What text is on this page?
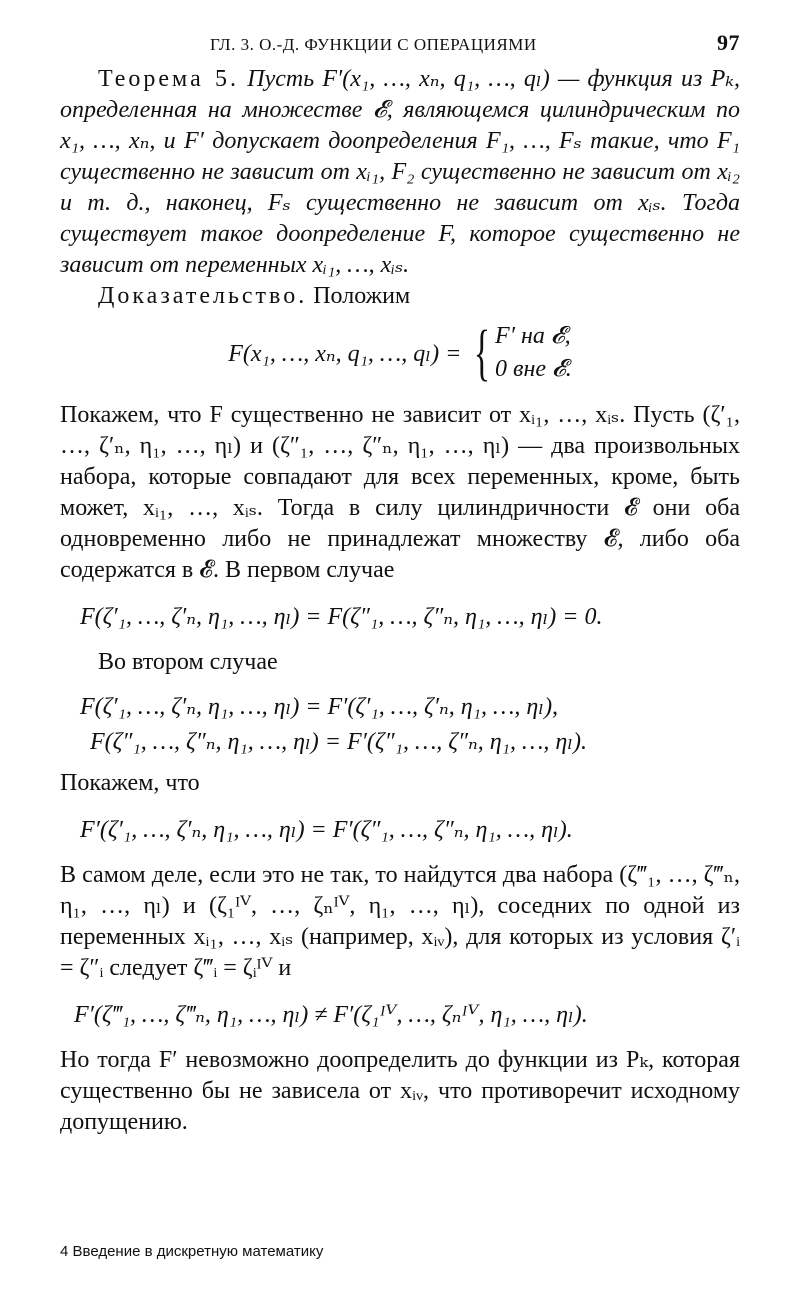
ГЛ. 3. О.-Д. ФУНКЦИИ С ОПЕРАЦИЯМИ	97

Теорема 5. Пусть F′(x₁, …, xₙ, q₁, …, qₗ) — функция из Pₖ, определенная на множестве 𝓔, являющемся цилиндрическим по x₁, …, xₙ, и F′ допускает доопределения F₁, …, Fₛ такие, что F₁ существенно не зависит от xᵢ₁, F₂ существенно не зависит от xᵢ₂ и т. д., наконец, Fₛ существенно не зависит от xᵢₛ. Тогда существует такое доопределение F, которое существенно не зависит от переменных xᵢ₁, …, xᵢₛ.

Доказательство. Положим

F(x₁, …, xₙ, q₁, …, qₗ) = { F′ на 𝓔,
0 вне 𝓔.

Покажем, что F существенно не зависит от xᵢ₁, …, xᵢₛ. Пусть (ζ′₁, …, ζ′ₙ, η₁, …, ηₗ) и (ζ″₁, …, ζ″ₙ, η₁, …, ηₗ) — два произвольных набора, которые совпадают для всех переменных, кроме, быть может, xᵢ₁, …, xᵢₛ. Тогда в силу цилиндричности 𝓔 они оба одновременно либо не принадлежат множеству 𝓔, либо оба содержатся в 𝓔. В первом случае

F(ζ′₁, …, ζ′ₙ, η₁, …, ηₗ) = F(ζ″₁, …, ζ″ₙ, η₁, …, ηₗ) = 0.

Во втором случае

F(ζ′₁, …, ζ′ₙ, η₁, …, ηₗ) = F′(ζ′₁, …, ζ′ₙ, η₁, …, ηₗ),
F(ζ″₁, …, ζ″ₙ, η₁, …, ηₗ) = F′(ζ″₁, …, ζ″ₙ, η₁, …, ηₗ).

Покажем, что

F′(ζ′₁, …, ζ′ₙ, η₁, …, ηₗ) = F′(ζ″₁, …, ζ″ₙ, η₁, …, ηₗ).

В самом деле, если это не так, то найдутся два набора (ζ‴₁, …, ζ‴ₙ, η₁, …, ηₗ) и (ζ₁ᴵⱽ, …, ζₙᴵⱽ, η₁, …, ηₗ), соседних по одной из переменных xᵢ₁, …, xᵢₛ (например, xᵢᵥ), для которых из условия ζ′ᵢ = ζ″ᵢ следует ζ‴ᵢ = ζᵢᴵⱽ и

F′(ζ‴₁, …, ζ‴ₙ, η₁, …, ηₗ) ≠ F′(ζ₁ᴵⱽ, …, ζₙᴵⱽ, η₁, …, ηₗ).

Но тогда F′ невозможно доопределить до функции из Pₖ, которая существенно бы не зависела от xᵢᵥ, что противоречит исходному допущению.

4 Введение в дискретную математику
